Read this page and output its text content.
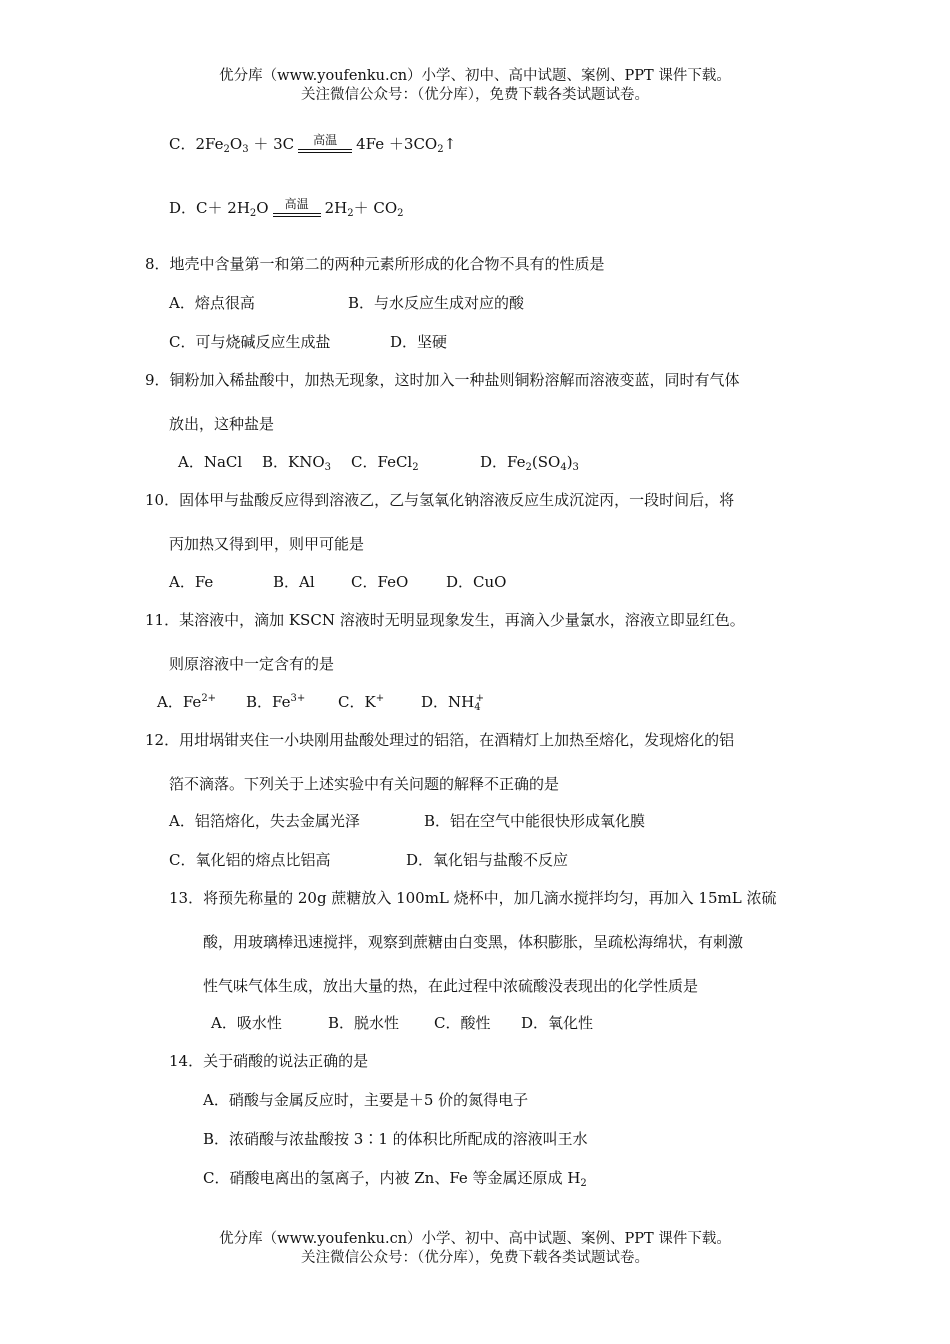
优分库（www.youfenku.cn）小学、初中、高中试题、案例、PPT 课件下载。
关注微信公众号：（优分库），免费下载各类试题试卷。
C．$2Fe_2O_3 + 3C$	高温	$4Fe +3CO_2↑$
D．$C+ 2H_2O$	高温	$2H_2+ CO_2$
8．地壳中含量第一和第二的两种元素所形成的化合物不具有的性质是
A．熔点很高	B．与水反应生成对应的酸
C．可与烧碱反应生成盐	D．坚硬
9．铜粉加入稀盐酸中，加热无现象，这时加入一种盐则铜粉溶解而溶液变蓝，同时有气体
放出，这种盐是
A．NaCl B．$KNO_3$ C．FeCl$_2$	D．$Fe_2(SO_4)_3$
10．固体甲与盐酸反应得到溶液乙，乙与氢氧化钠溶液反应生成沉淀丙，一段时间后，将
丙加热又得到甲，则甲可能是
A．Fe	B．Al C．FeO	D．CuO
11．某溶液中，滴加 KSCN 溶液时无明显现象发生，再滴入少量氯水，溶液立即显红色。
则原溶液中一定含有的是
A．$Fe^{2+}$ B．$Fe^{3+}$ C．K+ D．$NH_4^+$
12．用坩埚钳夹住一小块刚用盐酸处理过的铝箔，在酒精灯上加热至熔化，发现熔化的铝
箔不滴落。下列关于上述实验中有关问题的解释不正确的是
A．铝箔熔化，失去金属光泽	B．铝在空气中能很快形成氧化膜
C．氧化铝的熔点比铝高	D．氧化铝与盐酸不反应
13．将预先称量的 20g 蔗糖放入 100mL 烧杯中，加几滴水搅拌均匀，再加入 15mL 浓硫
酸，用玻璃棒迅速搅拌，观察到蔗糖由白变黑，体积膨胀，呈疏松海绵状，有刺激
性气味气体生成，放出大量的热，在此过程中浓硫酸没表现出的化学性质是
A．吸水性	B．脱水性 C．酸性 D．氧化性
14．关于硝酸的说法正确的是
A．硝酸与金属反应时，主要是＋5 价的氮得电子
B．浓硝酸与浓盐酸按 3∶1 的体积比所配成的溶液叫王水
C．硝酸电离出的氢离子，内被 Zn、Fe 等金属还原成 $H_2$
优分库（www.youfenku.cn）小学、初中、高中试题、案例、PPT 课件下载。
关注微信公众号：（优分库），免费下载各类试题试卷。
